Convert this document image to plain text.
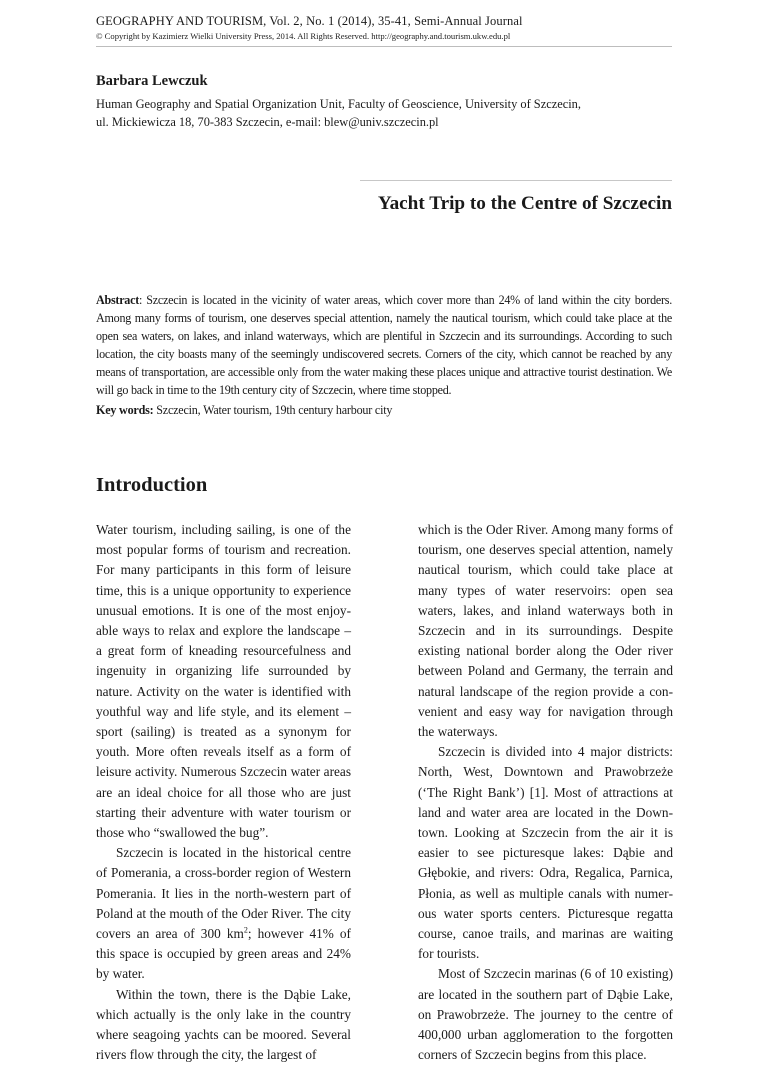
GEOGRAPHY AND TOURISM, Vol. 2, No. 1 (2014), 35-41, Semi-Annual Journal
© Copyright by Kazimierz Wielki University Press, 2014. All Rights Reserved. http://geography.and.tourism.ukw.edu.pl
Barbara Lewczuk
Human Geography and Spatial Organization Unit, Faculty of Geoscience, University of Szczecin,
ul. Mickiewicza 18, 70-383 Szczecin, e-mail: blew@univ.szczecin.pl
Yacht Trip to the Centre of Szczecin
Abstract: Szczecin is located in the vicinity of water areas, which cover more than 24% of land within the city borders. Among many forms of tourism, one deserves special attention, namely the nautical tourism, which could take place at the open sea waters, on lakes, and inland waterways, which are plentiful in Szczecin and its surroundings. According to such location, the city boasts many of the seemingly undiscovered secrets. Corners of the city, which cannot be reached by any means of transportation, are accessible only from the water making these places unique and attractive tourist destination. We will go back in time to the 19th century city of Szczecin, where time stopped.
Key words: Szczecin, Water tourism, 19th century harbour city
Introduction

Water tourism, including sailing, is one of the most popular forms of tourism and recreation. For many participants in this form of leisure time, this is a unique opportunity to experience unusual emotions. It is one of the most enjoyable ways to relax and explore the landscape – a great form of kneading resourcefulness and ingenuity in organizing life surrounded by nature. Activity on the water is identified with youthful way and life style, and its element – sport (sailing) is treated as a synonym for youth. More often reveals itself as a form of leisure activity. Numerous Szczecin water areas are an ideal choice for all those who are just starting their adventure with water tourism or those who “swallowed the bug”.

Szczecin is located in the historical centre of Pomerania, a cross-border region of Western Pomerania. It lies in the north-western part of Poland at the mouth of the Oder River. The city covers an area of 300 $km^2$; however 41% of this space is occupied by green areas and 24% by water.

Within the town, there is the Dąbie Lake, which actually is the only lake in the country where seagoing yachts can be moored. Several rivers flow through the city, the largest of

which is the Oder River. Among many forms of tourism, one deserves special attention, namely nautical tourism, which could take place at many types of water reservoirs: open sea waters, lakes, and inland waterways both in Szczecin and in its surroundings. Despite existing national border along the Oder river between Poland and Germany, the terrain and natural landscape of the region provide a convenient and easy way for navigation through the waterways.

Szczecin is divided into 4 major districts: North, West, Downtown and Prawobrzeże (‘The Right Bank’) [1]. Most of attractions at land and water area are located in the Downtown. Looking at Szczecin from the air it is easier to see picturesque lakes: Dąbie and Głębokie, and rivers: Odra, Regalica, Parnica, Płonia, as well as multiple canals with numerous water sports centers. Picturesque regatta course, canoe trails, and marinas are waiting for tourists.

Most of Szczecin marinas (6 of 10 existing) are located in the southern part of Dąbie Lake, on Prawobrzeże. The journey to the centre of 400,000 urban agglomeration to the forgotten corners of Szczecin begins from this place.
